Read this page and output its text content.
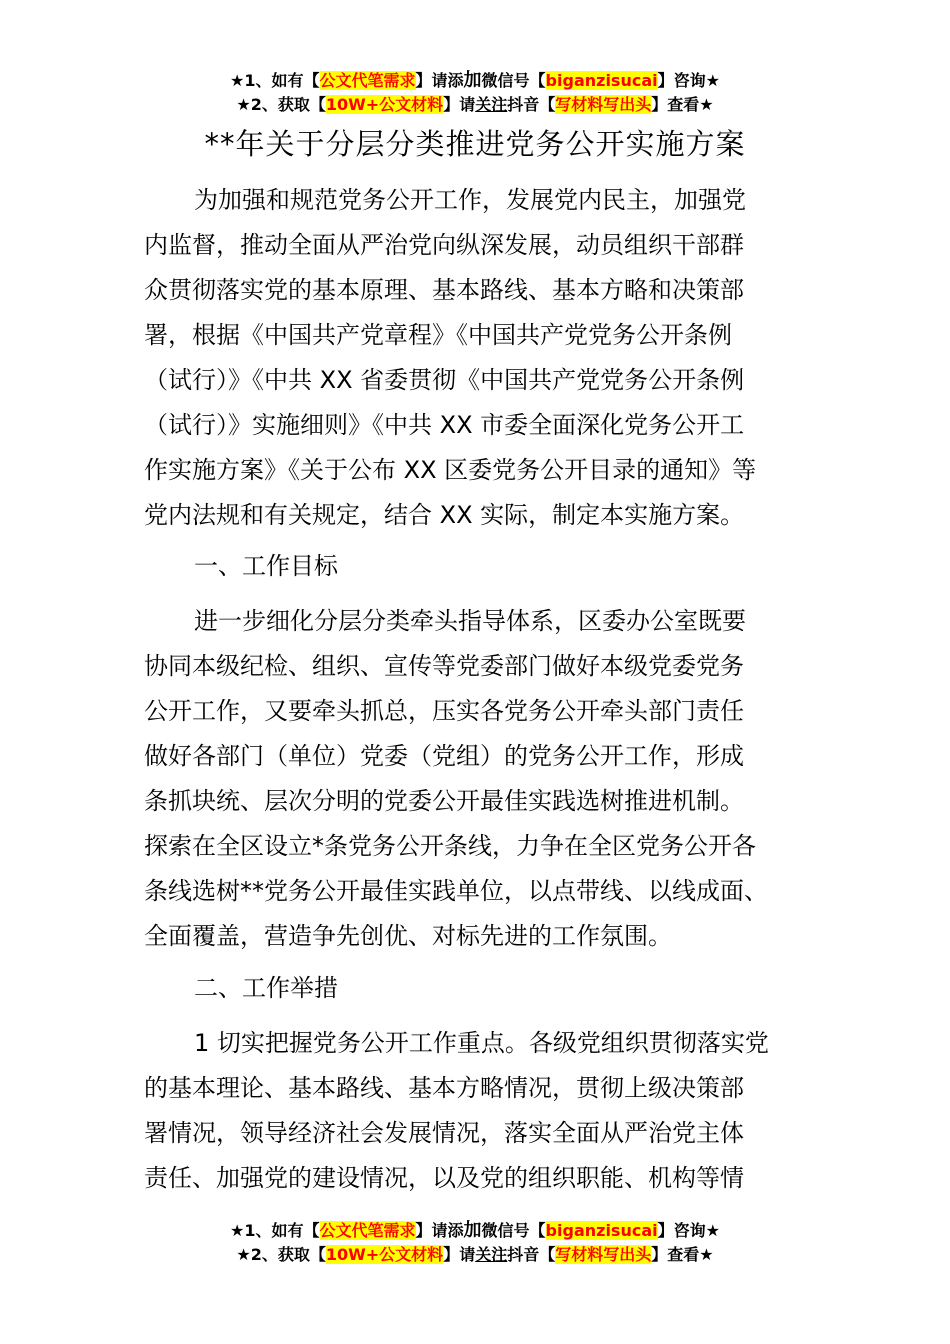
★1、如有【公文代笔需求】请添加微信号【biganzisucai】咨询★
★2、获取【10W+公文材料】请关注抖音【写材料写出头】查看★
**年关于分层分类推进党务公开实施方案
为加强和规范党务公开工作，发展党内民主，加强党
内监督，推动全面从严治党向纵深发展，动员组织干部群
众贯彻落实党的基本原理、基本路线、基本方略和决策部
署，根据《中国共产党章程》《中国共产党党务公开条例
（试行）》《中共 XX 省委贯彻《中国共产党党务公开条例
（试行）》实施细则》《中共 XX 市委全面深化党务公开工
作实施方案》《关于公布 XX 区委党务公开目录的通知》等
党内法规和有关规定，结合 XX 实际，制定本实施方案。
一、工作目标
进一步细化分层分类牵头指导体系，区委办公室既要
协同本级纪检、组织、宣传等党委部门做好本级党委党务
公开工作，又要牵头抓总，压实各党务公开牵头部门责任
做好各部门（单位）党委（党组）的党务公开工作，形成
条抓块统、层次分明的党委公开最佳实践选树推进机制。
探索在全区设立*条党务公开条线，力争在全区党务公开各
条线选树**党务公开最佳实践单位，以点带线、以线成面、
全面覆盖，营造争先创优、对标先进的工作氛围。
二、工作举措
1 切实把握党务公开工作重点。各级党组织贯彻落实党
的基本理论、基本路线、基本方略情况，贯彻上级决策部
署情况，领导经济社会发展情况，落实全面从严治党主体
责任、加强党的建设情况，以及党的组织职能、机构等情
★1、如有【公文代笔需求】请添加微信号【biganzisucai】咨询★
★2、获取【10W+公文材料】请关注抖音【写材料写出头】查看★
